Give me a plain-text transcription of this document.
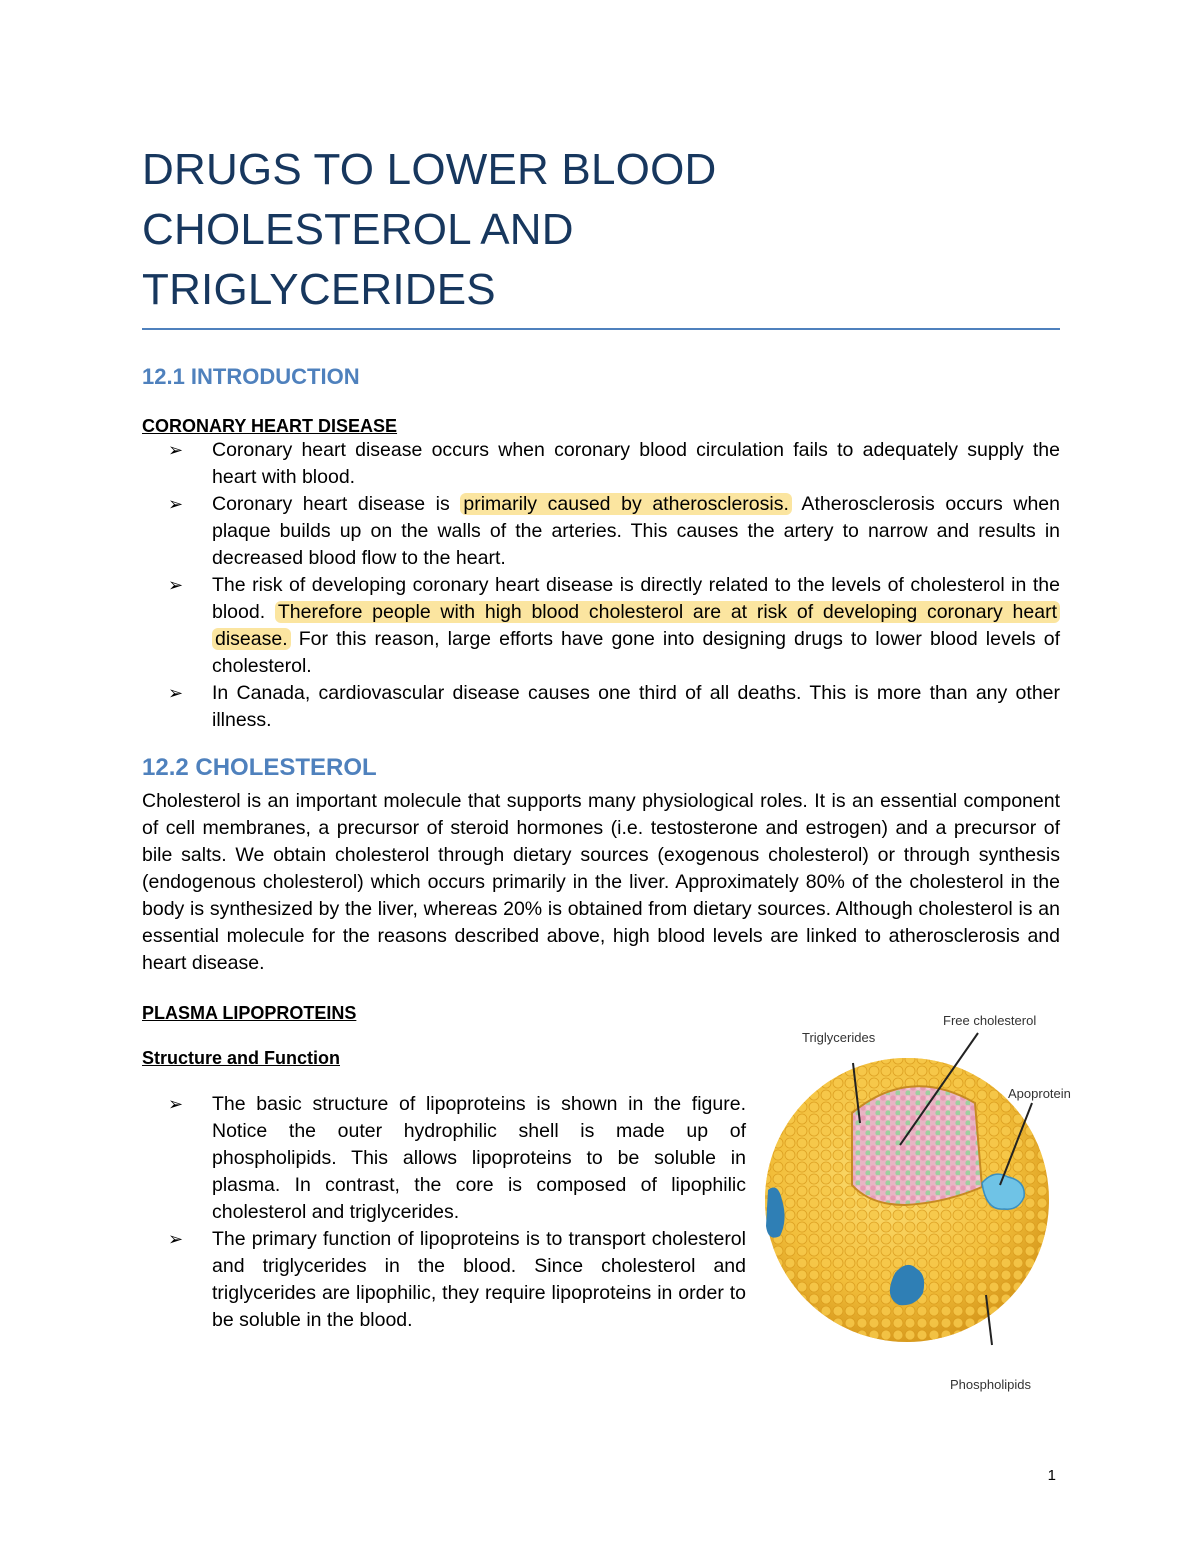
DRUGS TO LOWER BLOOD
CHOLESTEROL AND
TRIGLYCERIDES
12.1 INTRODUCTION
CORONARY HEART DISEASE
➢ Coronary heart disease occurs when coronary blood circulation fails to adequately supply the heart with blood.
➢ Coronary heart disease is primarily caused by atherosclerosis. Atherosclerosis occurs when plaque builds up on the walls of the arteries. This causes the artery to narrow and results in decreased blood flow to the heart.
➢ The risk of developing coronary heart disease is directly related to the levels of cholesterol in the blood. Therefore people with high blood cholesterol are at risk of developing coronary heart disease. For this reason, large efforts have gone into designing drugs to lower blood levels of cholesterol.
➢ In Canada, cardiovascular disease causes one third of all deaths. This is more than any other illness.
12.2 CHOLESTEROL
Cholesterol is an important molecule that supports many physiological roles. It is an essential component of cell membranes, a precursor of steroid hormones (i.e. testosterone and estrogen) and a precursor of bile salts. We obtain cholesterol through dietary sources (exogenous cholesterol) or through synthesis (endogenous cholesterol) which occurs primarily in the liver. Approximately 80% of the cholesterol in the body is synthesized by the liver, whereas 20% is obtained from dietary sources. Although cholesterol is an essential molecule for the reasons described above, high blood levels are linked to atherosclerosis and heart disease.
PLASMA LIPOPROTEINS
Structure and Function
➢ The basic structure of lipoproteins is shown in the figure. Notice the outer hydrophilic shell is made up of phospholipids. This allows lipoproteins to be soluble in plasma. In contrast, the core is composed of lipophilic cholesterol and triglycerides.
➢ The primary function of lipoproteins is to transport cholesterol and triglycerides in the blood. Since cholesterol and triglycerides are lipophilic, they require lipoproteins in order to be soluble in the blood.
Triglycerides
Free cholesterol
Apoprotein
Phospholipids
1
